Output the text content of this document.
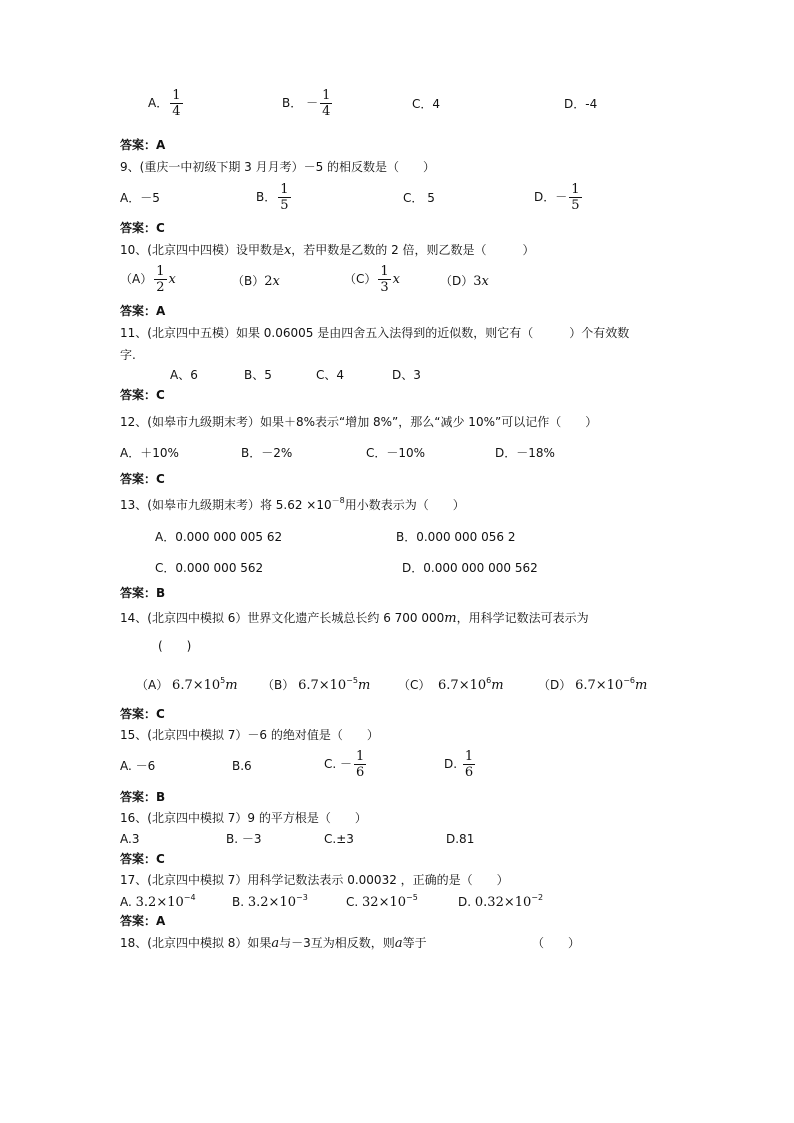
A． $\frac{1}{4}$	B． － $\frac{1}{4}$	C．4	D．-4
答案：A
9、(重庆一中初级下期 3 月月考）－5 的相反数是（　　）
A．－5	B． $\frac{1}{5}$	C． 5	D．－ $\frac{1}{5}$
答案：C
10、(北京四中四模）设甲数是x，若甲数是乙数的 2 倍，则乙数是（　　　）
$(A) \frac{1}{2}$ x	（B）2x	$(C) \frac{1}{3}$ x	（D）3x
答案：A
11、(北京四中五模）如果 0.06005 是由四舍五入法得到的近似数，则它有（　　　）个有效数
字.
A、6	B、5	C、4	D、3
答案：C
12、(如皋市九级期末考）如果＋8%表示“增加 8%”，那么“减少 10%”可以记作（　　）
A．＋10%	B．－2%	C．－10%	D．－18%
答案：C
13、(如皋市九级期末考）将 $5.62 \times 10^{-8}$用小数表示为（　　）
A．0.000 000 005 62	B．0.000 000 056 2
C．0.000 000 562	D．0.000 000 000 562
答案：B
14、(北京四中模拟 6）世界文化遗产长城总长约 6 700 000m，用科学记数法可表示为
(　　)
（A） $6.7\times 10^5m$ （B） $6.7\times 10^{-5}m$ （C） $6.7\times 10^6m$	（D） $6.7\times 10^{-6}m$
答案：C
15、(北京四中模拟 7）－6 的绝对值是（　　）
A. －6	B.6	C. － $\frac{1}{6}$	D. $\frac{1}{6}$
答案：B
16、(北京四中模拟 7）9 的平方根是（　　）
A.3	B. －3	C.±3	D.81
答案：C
17、(北京四中模拟 7）用科学记数法表示 0.00032 ，正确的是（　　）
A. $3.2\times 10^{-4}$	B. $3.2\times 10^{-3}$	C. $32\times 10^{-5}$	D. $0.32\times 10^{-2}$
答案：A
18、(北京四中模拟 8）如果a与－3互为相反数，则a等于	（　　）
